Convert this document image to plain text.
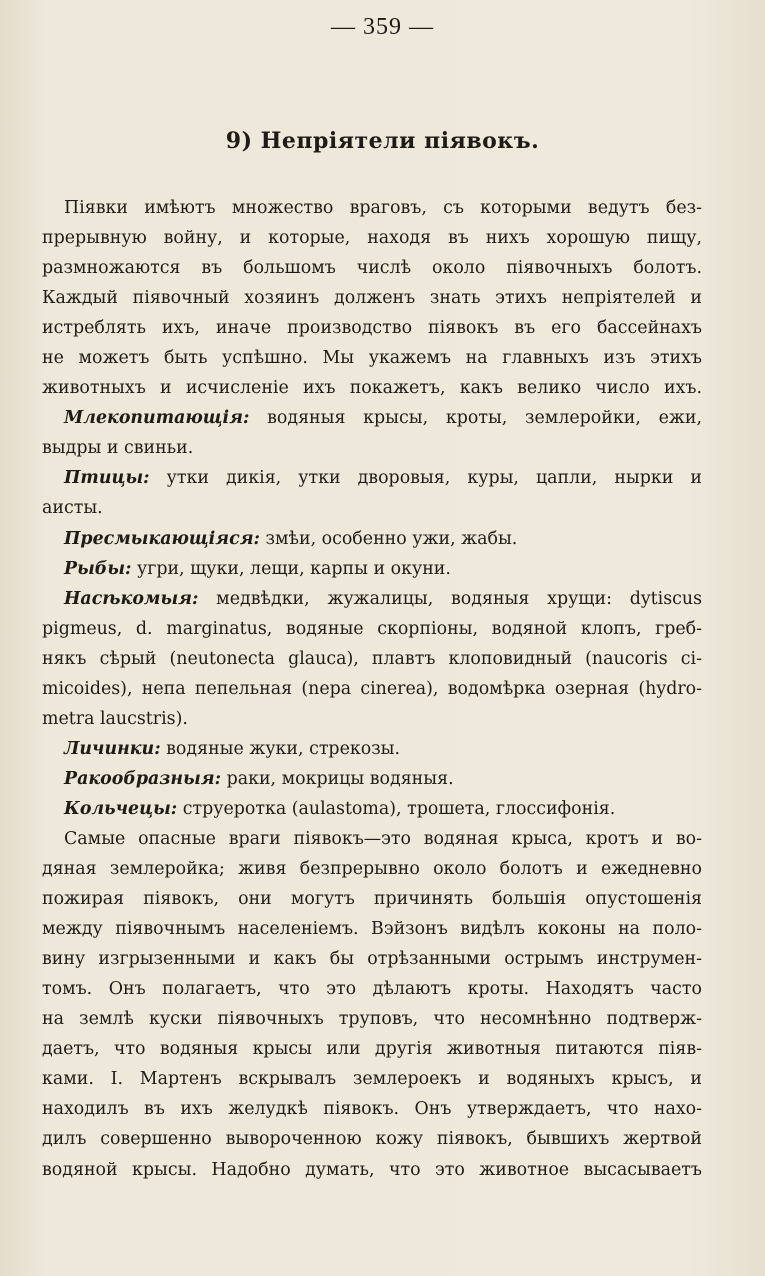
— 359 —
9) Непріятели піявокъ.
Піявки имѣютъ множество враговъ, съ которыми ведутъ без-
прерывную войну, и которые, находя въ нихъ хорошую пищу,
размножаются въ большомъ числѣ около піявочныхъ болотъ.
Каждый піявочный хозяинъ долженъ знать этихъ непріятелей и
истреблять ихъ, иначе производство піявокъ въ его бассейнахъ
не можетъ быть успѣшно. Мы укажемъ на главныхъ изъ этихъ
животныхъ и исчисленіе ихъ покажетъ, какъ велико число ихъ.
Млекопитающія: водяныя крысы, кроты, землеройки, ежи,
выдры и свиньи.
Птицы: утки дикія, утки дворовыя, куры, цапли, нырки и
аисты.
Пресмыкающіяся: змѣи, особенно ужи, жабы.
Рыбы: угри, щуки, лещи, карпы и окуни.
Насѣкомыя: медвѣдки, жужалицы, водяныя хрущи: dytiscus
pigmeus, d. marginatus, водяные скорпіоны, водяной клопъ, греб-
някъ сѣрый (neutonecta glauca), плавтъ клоповидный (naucoris ci-
micoides), непа пепельная (nepa cinerea), водомѣрка озерная (hydro-
metra laucstris).
Личинки: водяные жуки, стрекозы.
Ракообразныя: раки, мокрицы водяныя.
Кольчецы: струеротка (aulastoma), трошета, глоссифонія.
Самые опасные враги піявокъ—это водяная крыса, кротъ и во-
дяная землеройка; живя безпрерывно около болотъ и ежедневно
пожирая піявокъ, они могутъ причинять большія опустошенія
между піявочнымъ населеніемъ. Вэйзонъ видѣлъ коконы на поло-
вину изгрызенными и какъ бы отрѣзанными острымъ инструмен-
томъ. Онъ полагаетъ, что это дѣлаютъ кроты. Находятъ часто
на землѣ куски піявочныхъ труповъ, что несомнѣнно подтверж-
даетъ, что водяныя крысы или другія животныя питаются піяв-
ками. І. Мартенъ вскрывалъ землероекъ и водяныхъ крысъ, и
находилъ въ ихъ желудкѣ піявокъ. Онъ утверждаетъ, что нахо-
дилъ совершенно вывороченною кожу піявокъ, бывшихъ жертвой
водяной крысы. Надобно думать, что это животное высасываетъ
